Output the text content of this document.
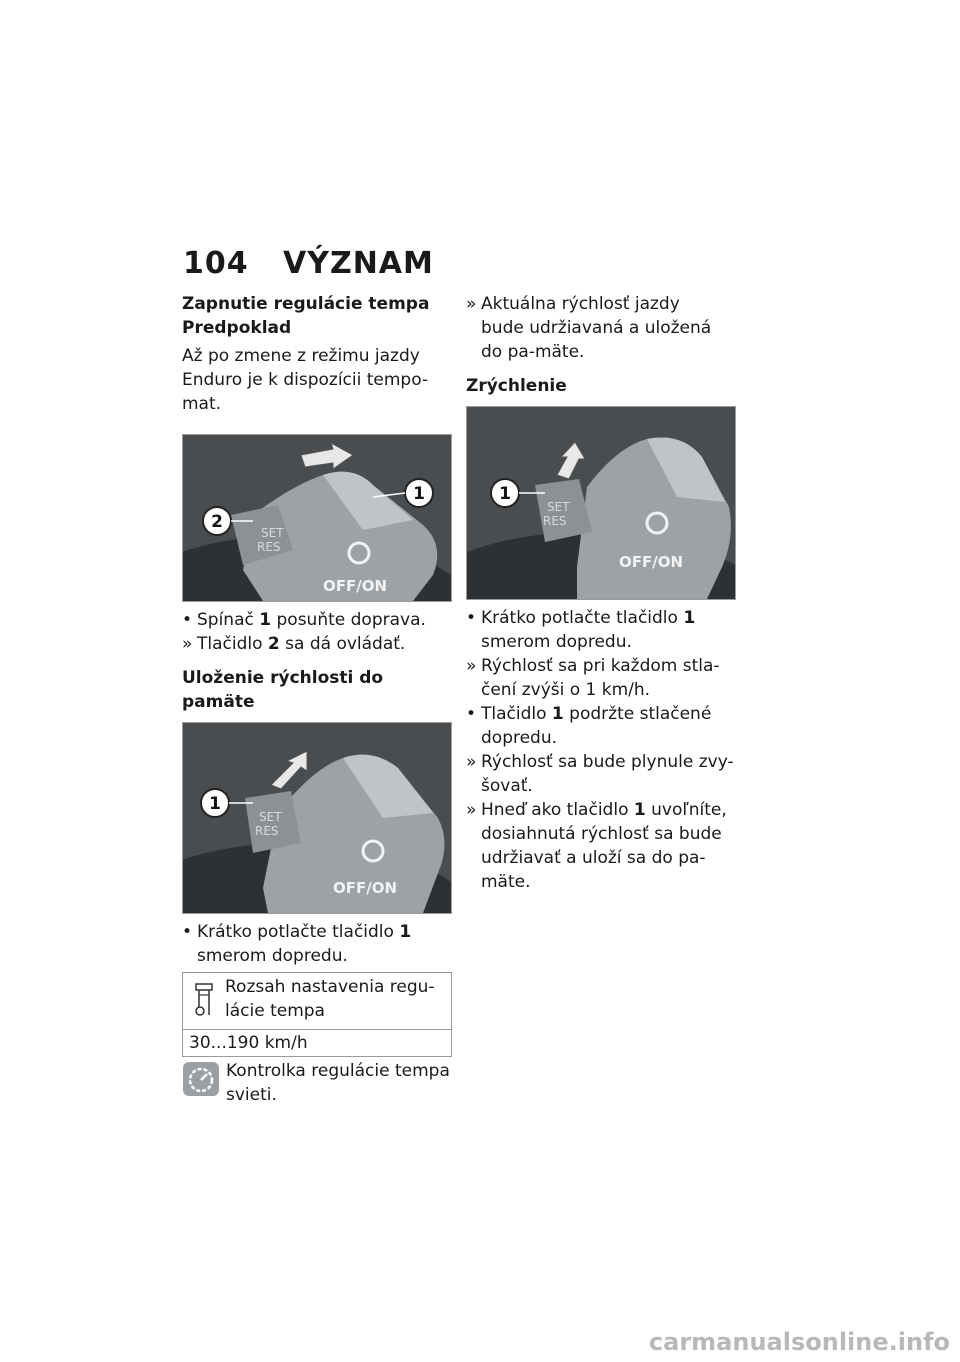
104 VÝZNAM

Zapnutie regulácie tempa

Predpoklad

Až po zmene z režimu jazdy Enduro je k dispozícii tempo-mat.

1
2
SET
RES
OFF/ON
• Spínač 1 posuňte doprava.
» Tlačidlo 2 sa dá ovládať.

Uloženie rýchlosti do pamäte

1
SET
RES
OFF/ON
• Krátko potlačte tlačidlo 1 smerom dopredu.
Rozsah nastavenia regu-lácie tempa
30...190 km/h
Kontrolka regulácie tempa svieti.
» Aktuálna rýchlosť jazdy bude udržiavaná a uložená do pa-mäte.

Zrýchlenie

1
SET
RES
OFF/ON
• Krátko potlačte tlačidlo 1 smerom dopredu.
» Rýchlosť sa pri každom stla-čení zvýši o 1 km/h.
• Tlačidlo 1 podržte stlačené dopredu.
» Rýchlosť sa bude plynule zvy-šovať.
» Hneď ako tlačidlo 1 uvoľníte, dosiahnutá rýchlosť sa bude udržiavať a uloží sa do pa-mäte.
carmanualsonline.info
